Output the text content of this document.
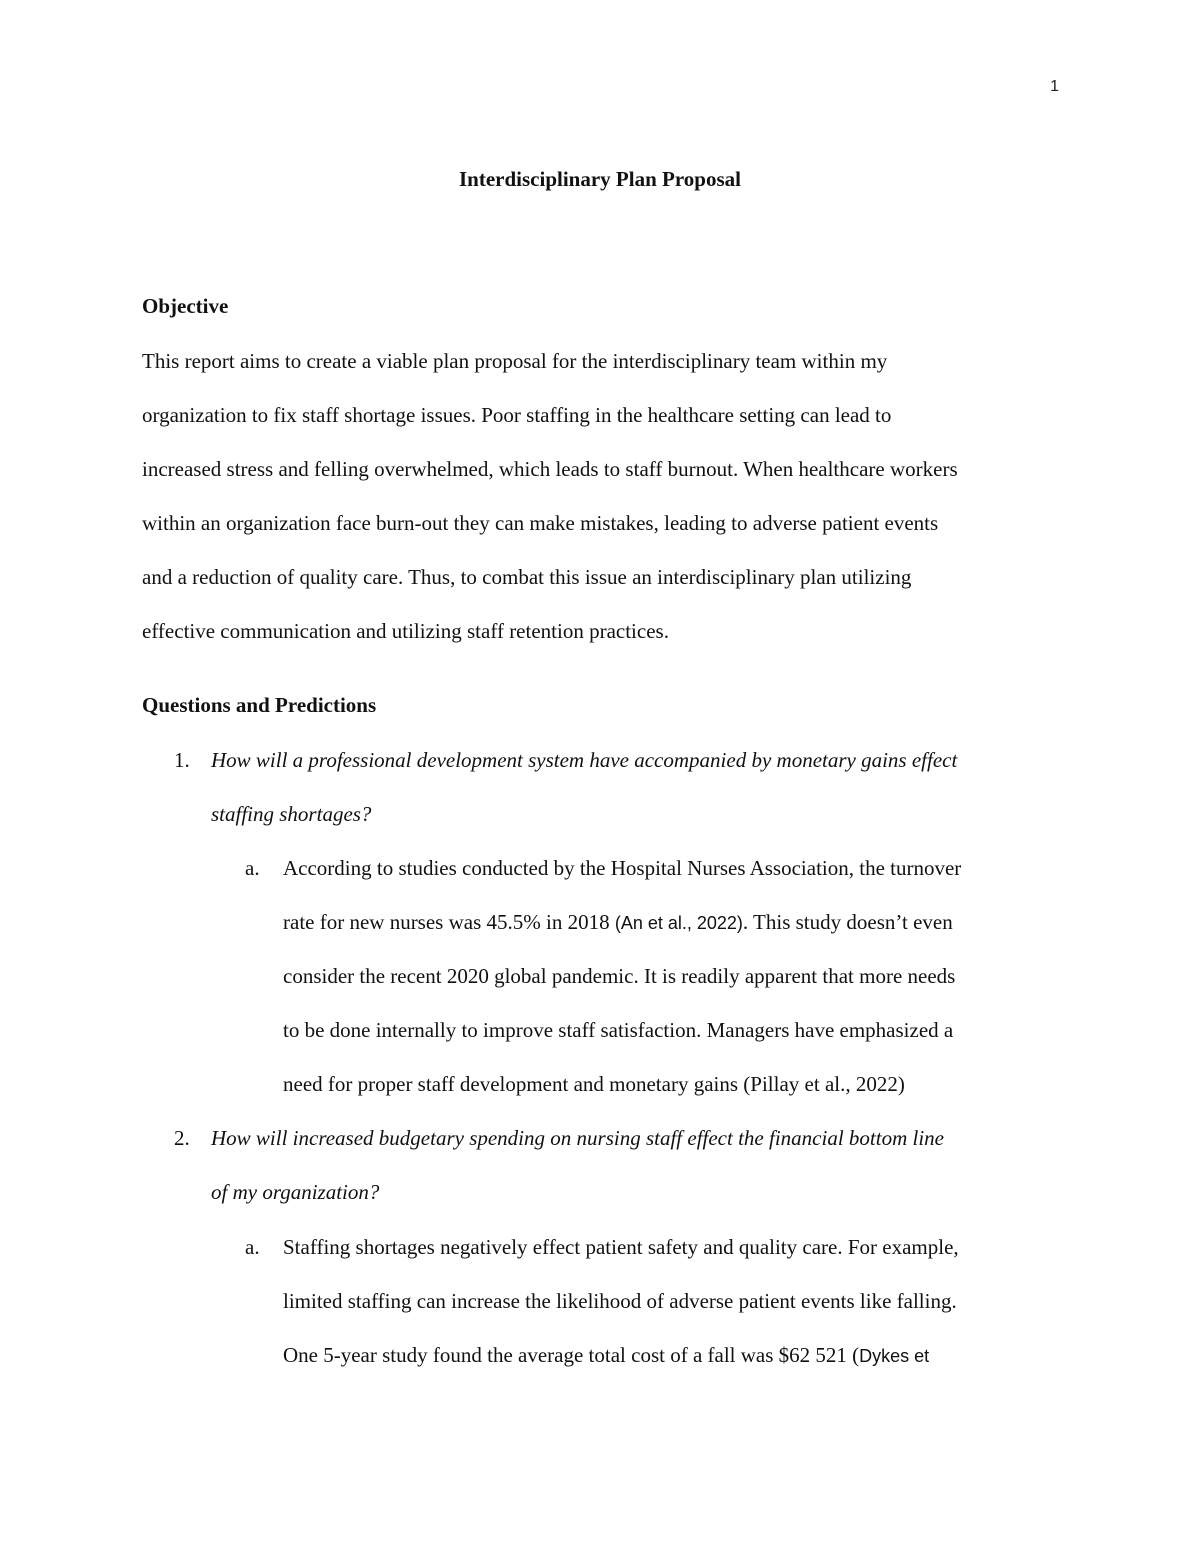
1
Interdisciplinary Plan Proposal
Objective
This report aims to create a viable plan proposal for the interdisciplinary team within my
organization to fix staff shortage issues. Poor staffing in the healthcare setting can lead to
increased stress and felling overwhelmed, which leads to staff burnout. When healthcare workers
within an organization face burn-out they can make mistakes, leading to adverse patient events
and a reduction of quality care. Thus, to combat this issue an interdisciplinary plan utilizing
effective communication and utilizing staff retention practices.
Questions and Predictions
1. How will a professional development system have accompanied by monetary gains effect
staffing shortages?
a. According to studies conducted by the Hospital Nurses Association, the turnover
rate for new nurses was 45.5% in 2018 (An et al., 2022). This study doesn’t even
consider the recent 2020 global pandemic. It is readily apparent that more needs
to be done internally to improve staff satisfaction. Managers have emphasized a
need for proper staff development and monetary gains (Pillay et al., 2022)
2. How will increased budgetary spending on nursing staff effect the financial bottom line
of my organization?
a. Staffing shortages negatively effect patient safety and quality care. For example,
limited staffing can increase the likelihood of adverse patient events like falling.
One 5-year study found the average total cost of a fall was $62 521 (Dykes et
